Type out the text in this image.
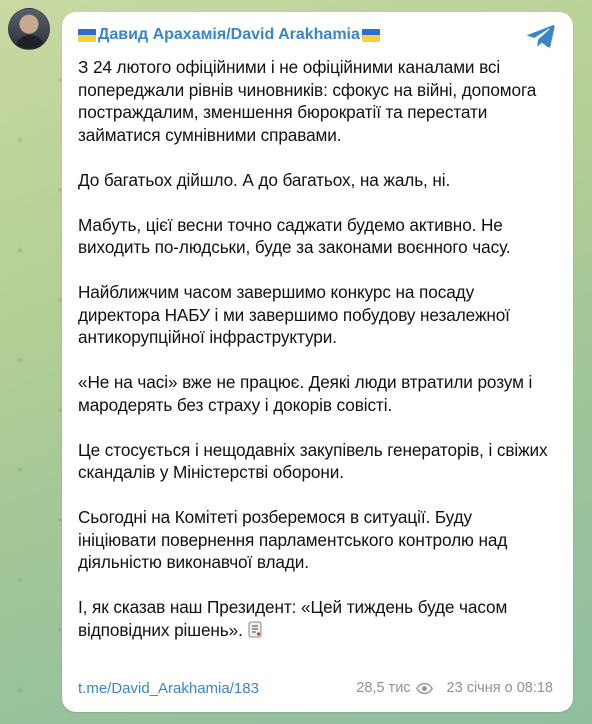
Давид Арахамія/David Arakhamia

З 24 лютого офіційними і не офіційними каналами всі попереджали рівнів чиновників: сфокус на війні, допомога постраждалим, зменшення бюрократії та перестати займатися сумнівними справами.

До багатьох дійшло. А до багатьох, на жаль, ні.

Мабуть, цієї весни точно саджати будемо активно. Не виходить по-людськи, буде за законами воєнного часу.

Найближчим часом завершимо конкурс на посаду директора НАБУ і ми завершимо побудову незалежної антикорупційної інфраструктури.

«Не на часі» вже не працює. Деякі люди втратили розум і мародерять без страху і докорів совісті.

Це стосується і нещодавніх закупівель генераторів, і свіжих скандалів у Міністерстві оборони.

Сьогодні на Комітеті розберемося в ситуації. Буду ініціювати повернення парламентського контролю над діяльністю виконавчої влади.

І, як сказав наш Президент: «Цей тиждень буде часом відповідних рішень».

t.me/David_Arakhamia/183	28,5 тис 23 січня о 08:18
